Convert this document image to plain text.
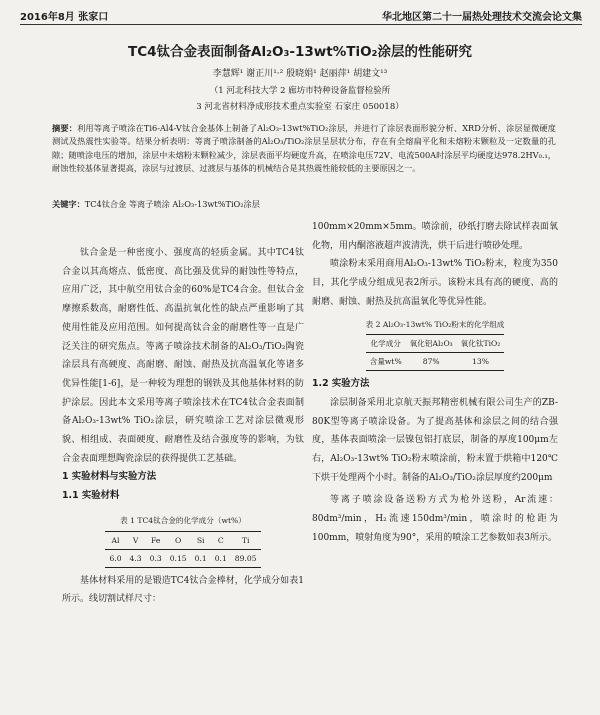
2016年8月 张家口	华北地区第二十一届热处理技术交流会论文集
TC4钛合金表面制备Al₂O₃-13wt%TiO₂涂层的性能研究
李慧辉¹ 谢正川¹·² 殷晓娟¹ 赵丽萍¹ 胡建文¹³
（1 河北科技大学 2 廊坊市特种设备监督检验所
3 河北省材料净成形技术重点实验室 石家庄 050018）
摘要：利用等离子喷涂在Ti6-Al4-V钛合金基体上制备了Al₂O₃-13wt%TiO₂涂层，并进行了涂层表面形貌分析、XRD分析、涂层显微硬度测试及热震性实验等。结果分析表明：等离子喷涂制备的Al₂O₃/TiO₂涂层呈层状分布，存在有全熔扁平化和未熔粉末颗粒及一定数量的孔隙；随喷涂电压的增加，涂层中未熔粉末颗粒减少，涂层表面平均硬度升高，在喷涂电压72V、电流500A时涂层平均硬度达978.2HV₀.₁，耐蚀性较基体显著提高，涂层与过渡层、过渡层与基体的机械结合是其热震性能较低的主要原因之一。
关键字：TC4钛合金 等离子喷涂 Al₂O₃-13wt%TiO₂涂层

钛合金是一种密度小、强度高的轻质金属。其中TC4钛合金以其高熔点、低密度、高比强及优异的耐蚀性等特点，应用广泛，其中航空用钛合金的60%是TC4合金。但钛合金摩擦系数高，耐磨性低、高温抗氧化性的缺点严重影响了其使用性能及应用范围。如何提高钛合金的耐磨性等一直是广泛关注的研究焦点。等离子喷涂技术制备的Al₂O₃/TiO₂陶瓷涂层具有高硬度、高耐磨、耐蚀、耐热及抗高温氧化等诸多优异性能[1-6]，是一种较为理想的钢铁及其他基体材料的防护涂层。因此本文采用等离子喷涂技术在TC4钛合金表面制备Al₂O₃-13wt% TiO₂涂层，研究喷涂工艺对涂层微观形貌、相组成、表面硬度、耐磨性及结合强度等的影响，为钛合金表面理想陶瓷涂层的获得提供工艺基础。

1 实验材料与实验方法

1.1 实验材料

表 1 TC4钛合金的化学成分（wt%）

Al	V	Fe	O	Si	C	Ti
6.0	4.3	0.3	0.15	0.1	0.1	89.05

基体材料采用的是锻造TC4钛合金棒材，化学成分如表1所示。线切割试样尺寸：

100mm×20mm×5mm。喷涂前，砂纸打磨去除试样表面氧化物，用内酮溶液超声波清洗，烘干后进行喷砂处理。

喷涂粉末采用商用Al₂O₃-13wt% TiO₂粉末，粒度为350目，其化学成分组成见表2所示。该粉末具有高的硬度、高的耐磨、耐蚀、耐热及抗高温氧化等优异性能。

表 2 Al₂O₃-13wt% TiO₂粉末的化学组成

化学成分	氧化铝Al₂O₃	氧化钛TiO₂
含量wt%	87%	13%

1.2 实验方法

涂层制备采用北京航天振邦精密机械有限公司生产的ZB-80K型等离子喷涂设备。为了提高基体和涂层之间的结合强度，基体表面喷涂一层镍包铝打底层，制备的厚度100μm左右，Al₂O₃-13wt% TiO₂粉末喷涂前，粉末置于烘箱中120℃下烘干处理两个小时。制备的Al₂O₃/TiO₂涂层厚度约200μm

等离子喷涂设备送粉方式为枪外送粉，Ar流速：80dm³/min，H₂流速150dm³/min，喷涂时的枪距为100mm，喷射角度为90°，采用的喷涂工艺参数如表3所示。
